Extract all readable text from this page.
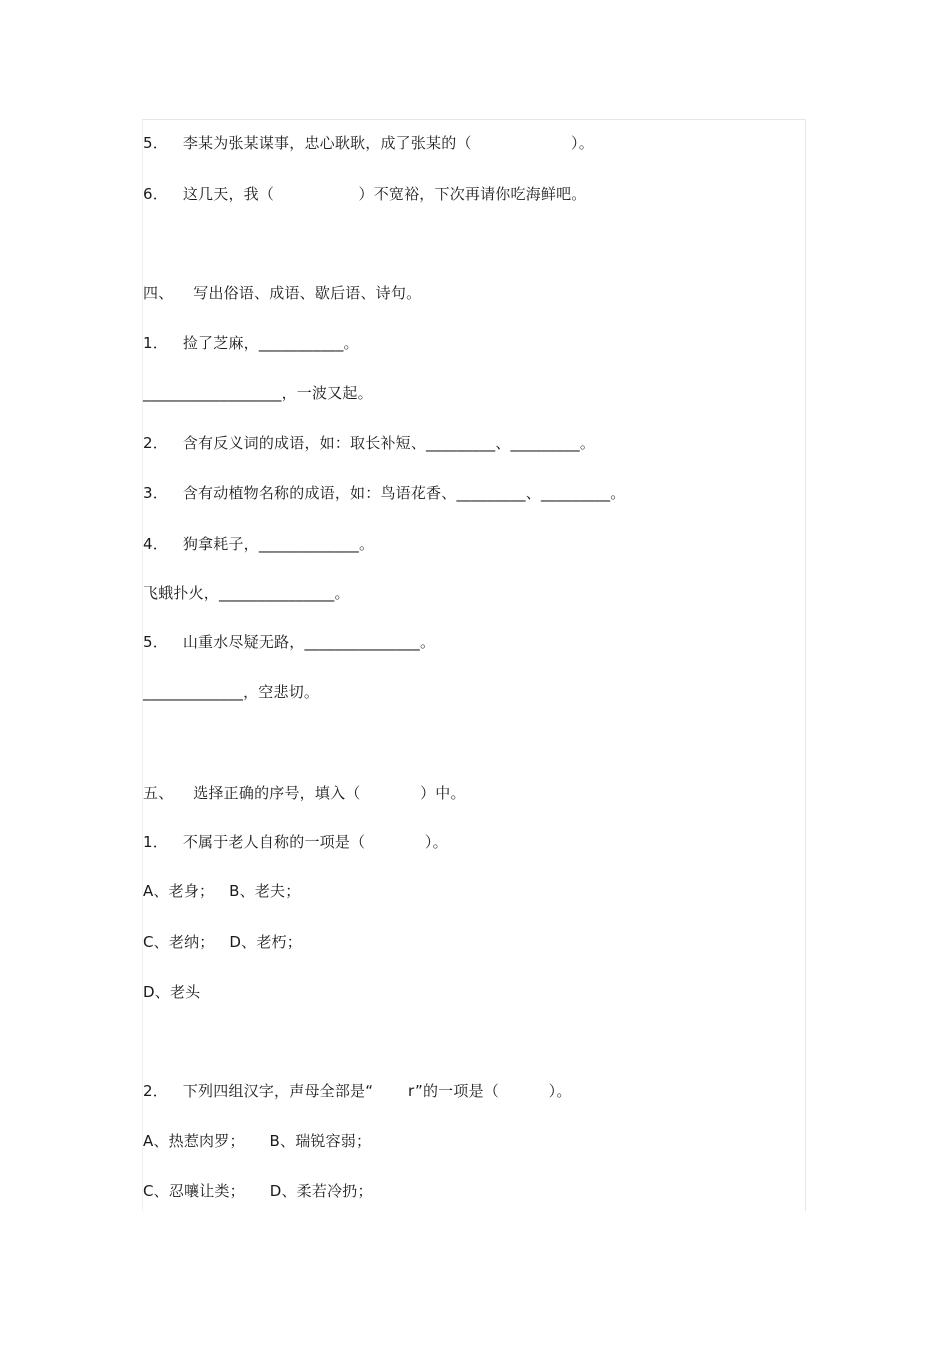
5．   李某为张某谋事，忠心耿耿，成了张某的（                    ）。
6．   这几天，我（                 ）不宽裕，下次再请你吃海鲜吧。
四、    写出俗语、成语、歇后语、诗句。
1．   捡了芝麻，___________。
__________________，一波又起。
2．   含有反义词的成语，如：取长补短、_________、_________。
3．   含有动植物名称的成语，如：鸟语花香、_________、_________。
4．   狗拿耗子，_____________。
飞蛾扑火，_______________。
5．   山重水尽疑无路，_______________。
_____________，空悲切。
五、    选择正确的序号，填入（            ）中。
1．   不属于老人自称的一项是（            ）。
A、老身；   B、老夫；
C、老纳；   D、老朽；
D、老头
2．   下列四组汉字，声母全部是“       r”的一项是（          ）。
A、热惹肉罗；     B、瑞锐容弱；
C、忍嚷让类；     D、柔若冷扔；
